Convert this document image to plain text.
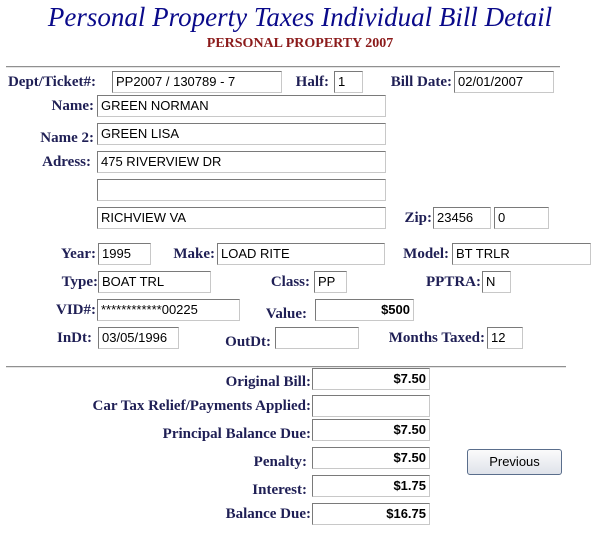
Personal Property Taxes Individual Bill Detail
PERSONAL PROPERTY 2007
Dept/Ticket#:	PP2007 / 130789 - 7	Half: 1	Bill Date: 02/01/2007
Name: GREEN NORMAN
Name 2: GREEN LISA
Adress: 475 RIVERVIEW DR
RICHVIEW VA	Zip: 23456	0
Year: 1995	Make: LOAD RITE	Model: BT TRLR
Type: BOAT TRL	Class: PP	PPTRA: N
VID#: ************00225	Value:	$500
InDt: 03/05/1996	OutDt:	Months Taxed: 12
Original Bill:	$7.50
Car Tax Relief/Payments Applied:
Principal Balance Due:	$7.50
Penalty:	$7.50
Interest:	$1.75
Balance Due:	$16.75
Previous
